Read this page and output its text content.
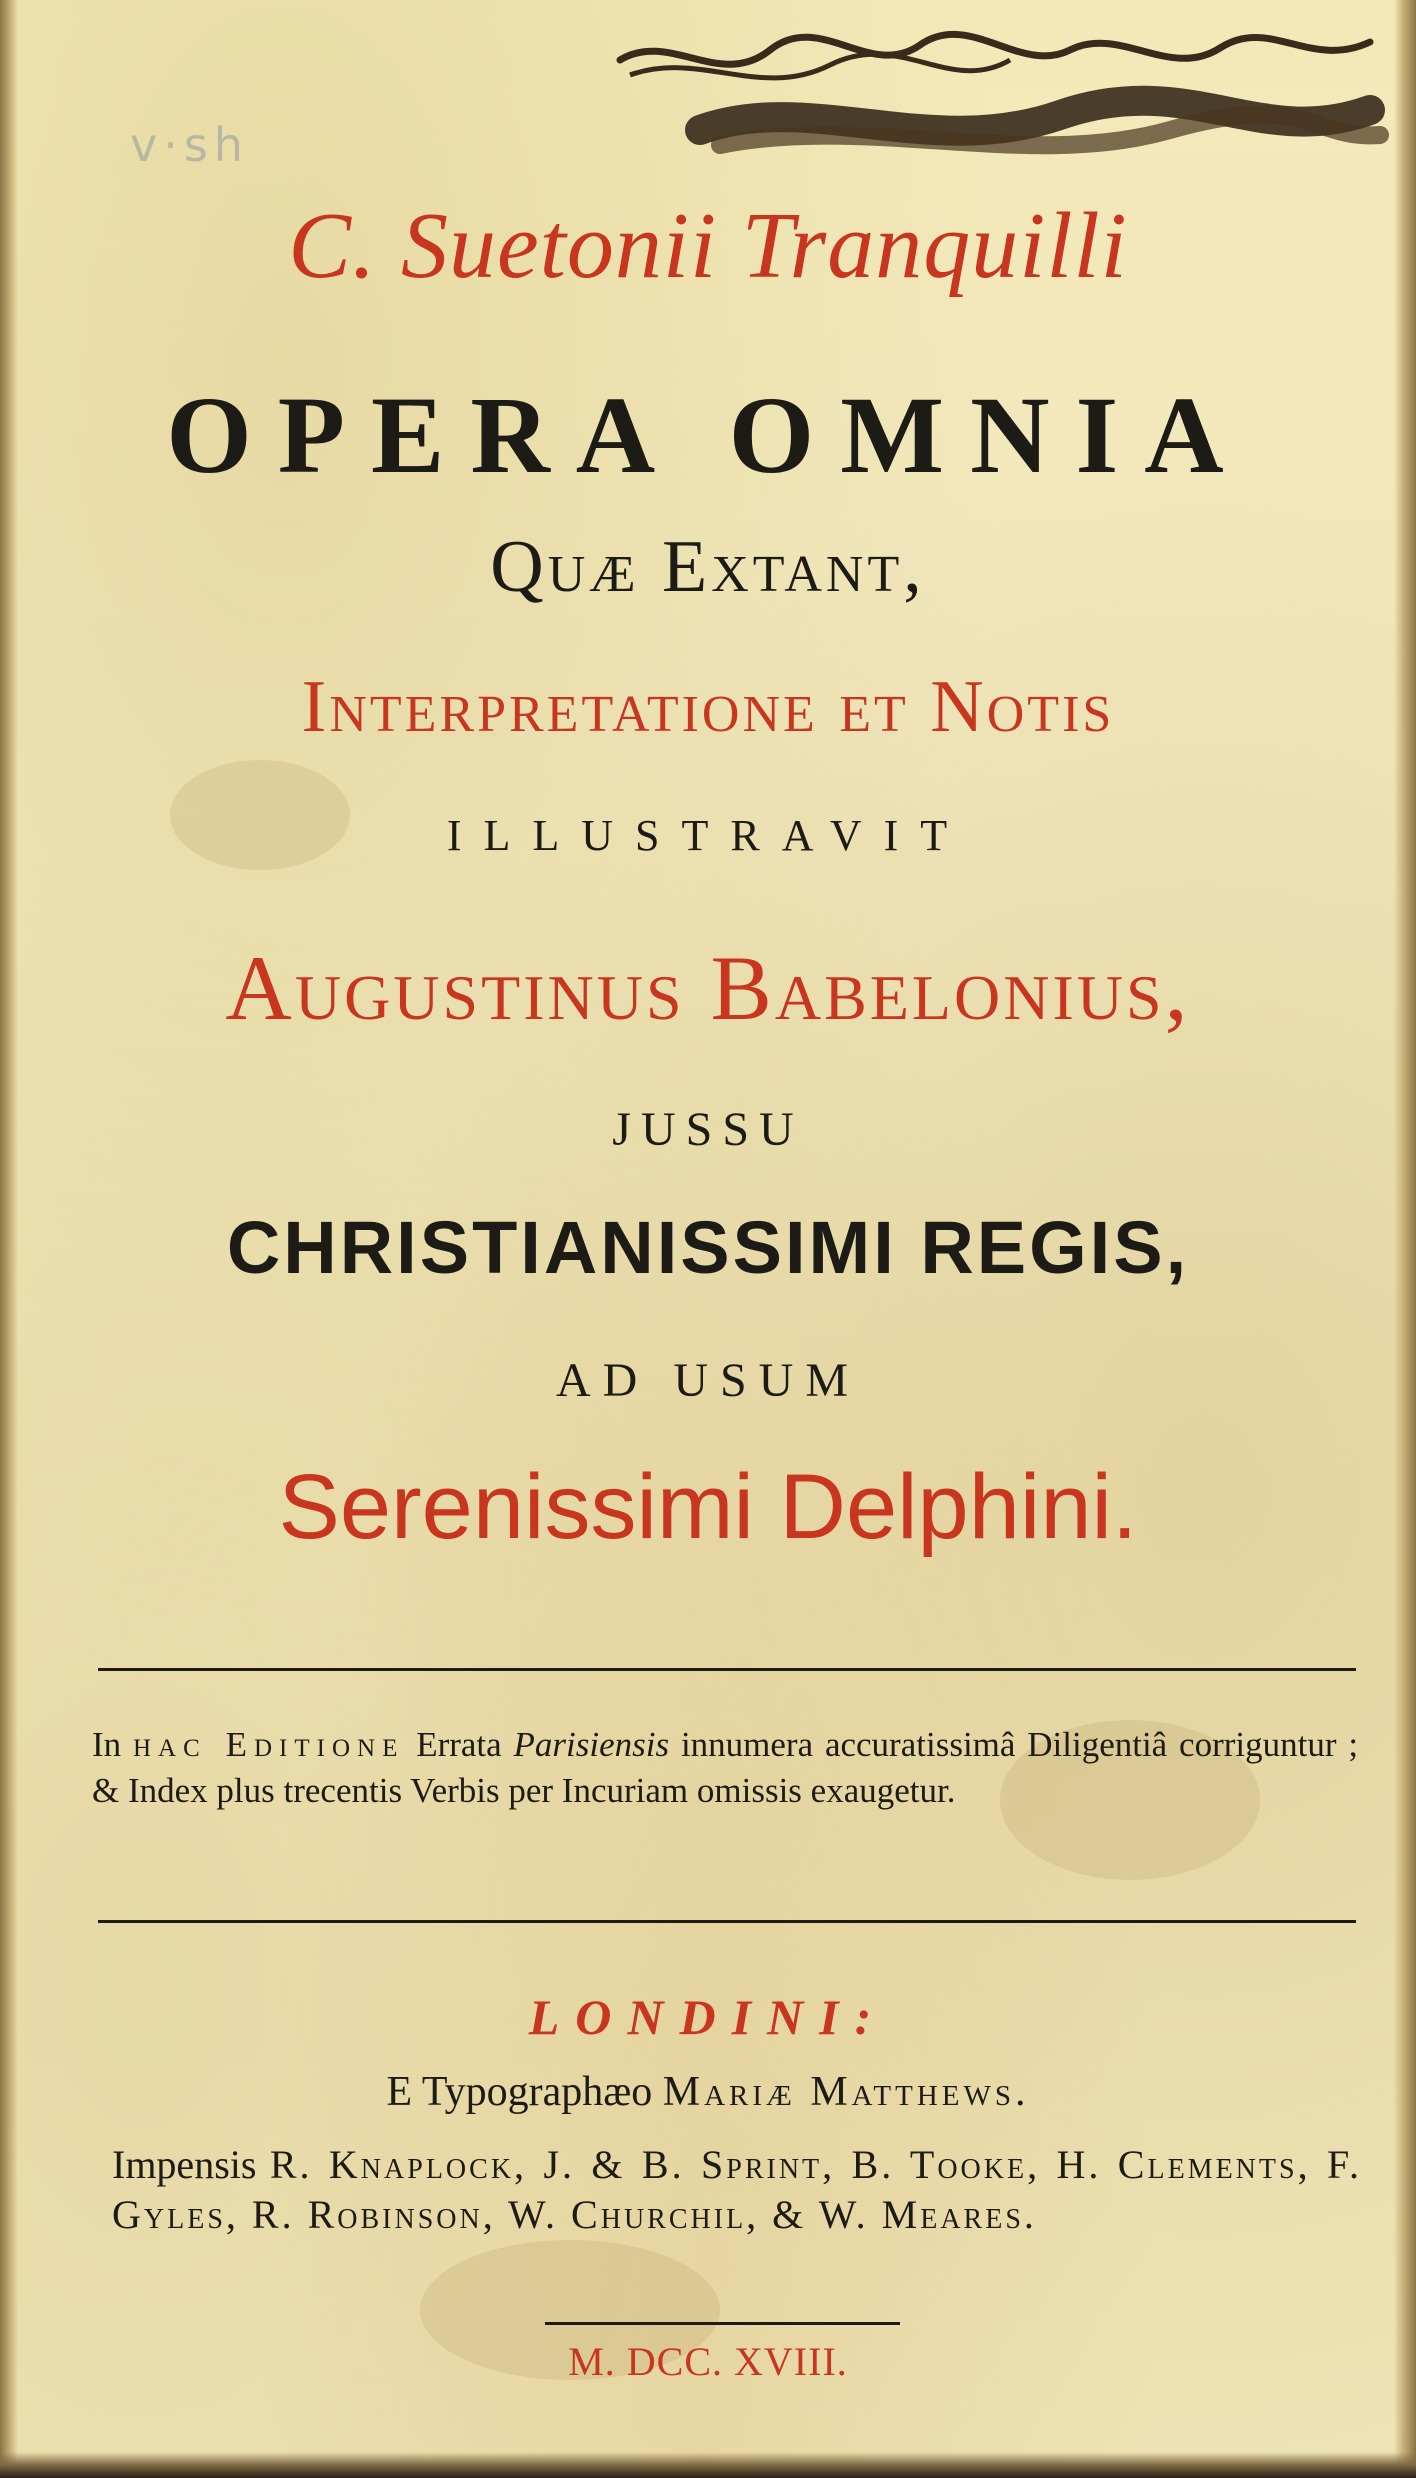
v·sh
C. Suetonii Tranquilli
OPERA OMNIA
Quæ Extant,
Interpretatione et Notis
ILLUSTRAVIT
Augustinus Babelonius,
JUSSU
CHRISTIANISSIMI REGIS,
AD USUM
Serenissimi Delphini.
In hac Editione Errata Parisiensis innumera accuratissimâ Diligentiâ corriguntur ; & Index plus trecentis Verbis per Incuriam omissis exaugetur.
LONDINI:
E Typographæo Mariæ Matthews.
Impensis R. Knaplock, J. & B. Sprint, B. Tooke, H. Clements, F. Gyles, R. Robinson, W. Churchil, & W. Meares.
M. DCC. XVIII.
